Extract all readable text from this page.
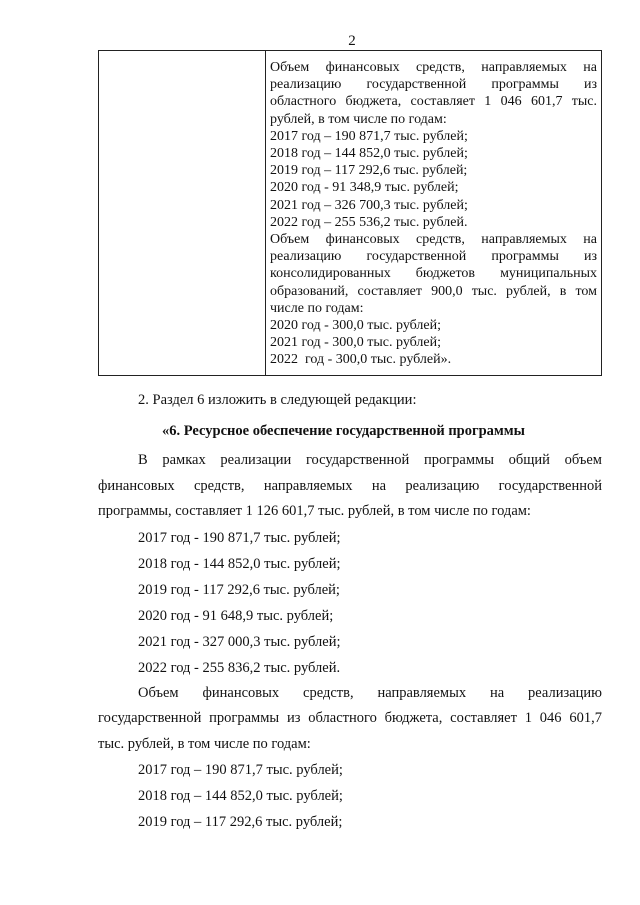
2
Объем финансовых средств, направляемых на
реализацию государственной программы из
областного бюджета, составляет 1 046 601,7 тыс.
рублей, в том числе по годам:
2017 год – 190 871,7 тыс. рублей;
2018 год – 144 852,0 тыс. рублей;
2019 год – 117 292,6 тыс. рублей;
2020 год - 91 348,9 тыс. рублей;
2021 год – 326 700,3 тыс. рублей;
2022 год – 255 536,2 тыс. рублей.
Объем финансовых средств, направляемых на
реализацию государственной программы из
консолидированных бюджетов муниципальных
образований, составляет 900,0 тыс. рублей, в том
числе по годам:
2020 год - 300,0 тыс. рублей;
2021 год - 300,0 тыс. рублей;
2022  год - 300,0 тыс. рублей».
2. Раздел 6 изложить в следующей редакции:
«6. Ресурсное обеспечение государственной программы
В рамках реализации государственной программы общий объем
финансовых средств, направляемых на реализацию государственной
программы, составляет 1 126 601,7 тыс. рублей, в том числе по годам:
2017 год - 190 871,7 тыс. рублей;
2018 год - 144 852,0 тыс. рублей;
2019 год - 117 292,6 тыс. рублей;
2020 год - 91 648,9 тыс. рублей;
2021 год - 327 000,3 тыс. рублей;
2022 год - 255 836,2 тыс. рублей.
Объем финансовых средств, направляемых на реализацию
государственной программы из областного бюджета, составляет 1 046 601,7
тыс. рублей, в том числе по годам:
2017 год – 190 871,7 тыс. рублей;
2018 год – 144 852,0 тыс. рублей;
2019 год – 117 292,6 тыс. рублей;
